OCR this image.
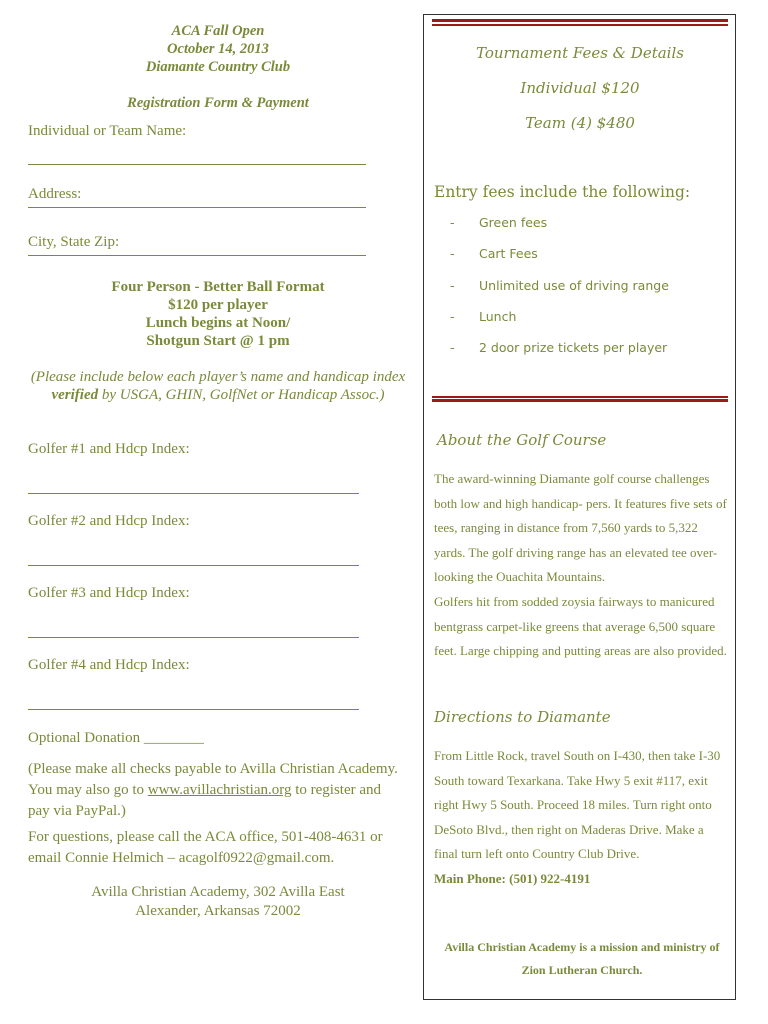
ACA Fall Open
October 14, 2013
Diamante Country Club
Registration Form & Payment
Individual or Team Name:
Address:
City, State Zip:
Four Person - Better Ball Format
$120 per player
Lunch begins at Noon/
Shotgun Start @ 1 pm
(Please include below each player’s name and handicap index
verified by USGA, GHIN, GolfNet or Handicap Assoc.)
Golfer #1 and Hdcp Index:
Golfer #2 and Hdcp Index:
Golfer #3 and Hdcp Index:
Golfer #4 and Hdcp Index:
Optional Donation ________
(Please make all checks payable to Avilla Christian Academy. You may also go to www.avillachristian.org to register and pay via PayPal.)
For questions, please call the ACA office, 501-408-4631 or email Connie Helmich – acagolf0922@gmail.com.
Avilla Christian Academy, 302 Avilla East
Alexander, Arkansas 72002
Tournament Fees & Details
Individual $120
Team (4) $480
Entry fees include the following:
-	Green fees
-	Cart Fees
-	Unlimited use of driving range
-	Lunch
-	2 door prize tickets per player
About the Golf Course
The award-winning Diamante golf course challenges both low and high handicap- pers. It features five sets of tees, ranging in distance from 7,560 yards to 5,322 yards. The golf driving range has an elevated tee over- looking the Ouachita Mountains.
Golfers hit from sodded zoysia fairways to manicured bentgrass carpet-like greens that average 6,500 square feet. Large chipping and putting areas are also provided.
Directions to Diamante
From Little Rock, travel South on I-430, then take I-30 South toward Texarkana. Take Hwy 5 exit #117, exit right Hwy 5 South. Proceed 18 miles. Turn right onto DeSoto Blvd., then right on Maderas Drive. Make a final turn left onto Country Club Drive.
Main Phone: (501) 922-4191
Avilla Christian Academy is a mission and ministry of Zion Lutheran Church.
